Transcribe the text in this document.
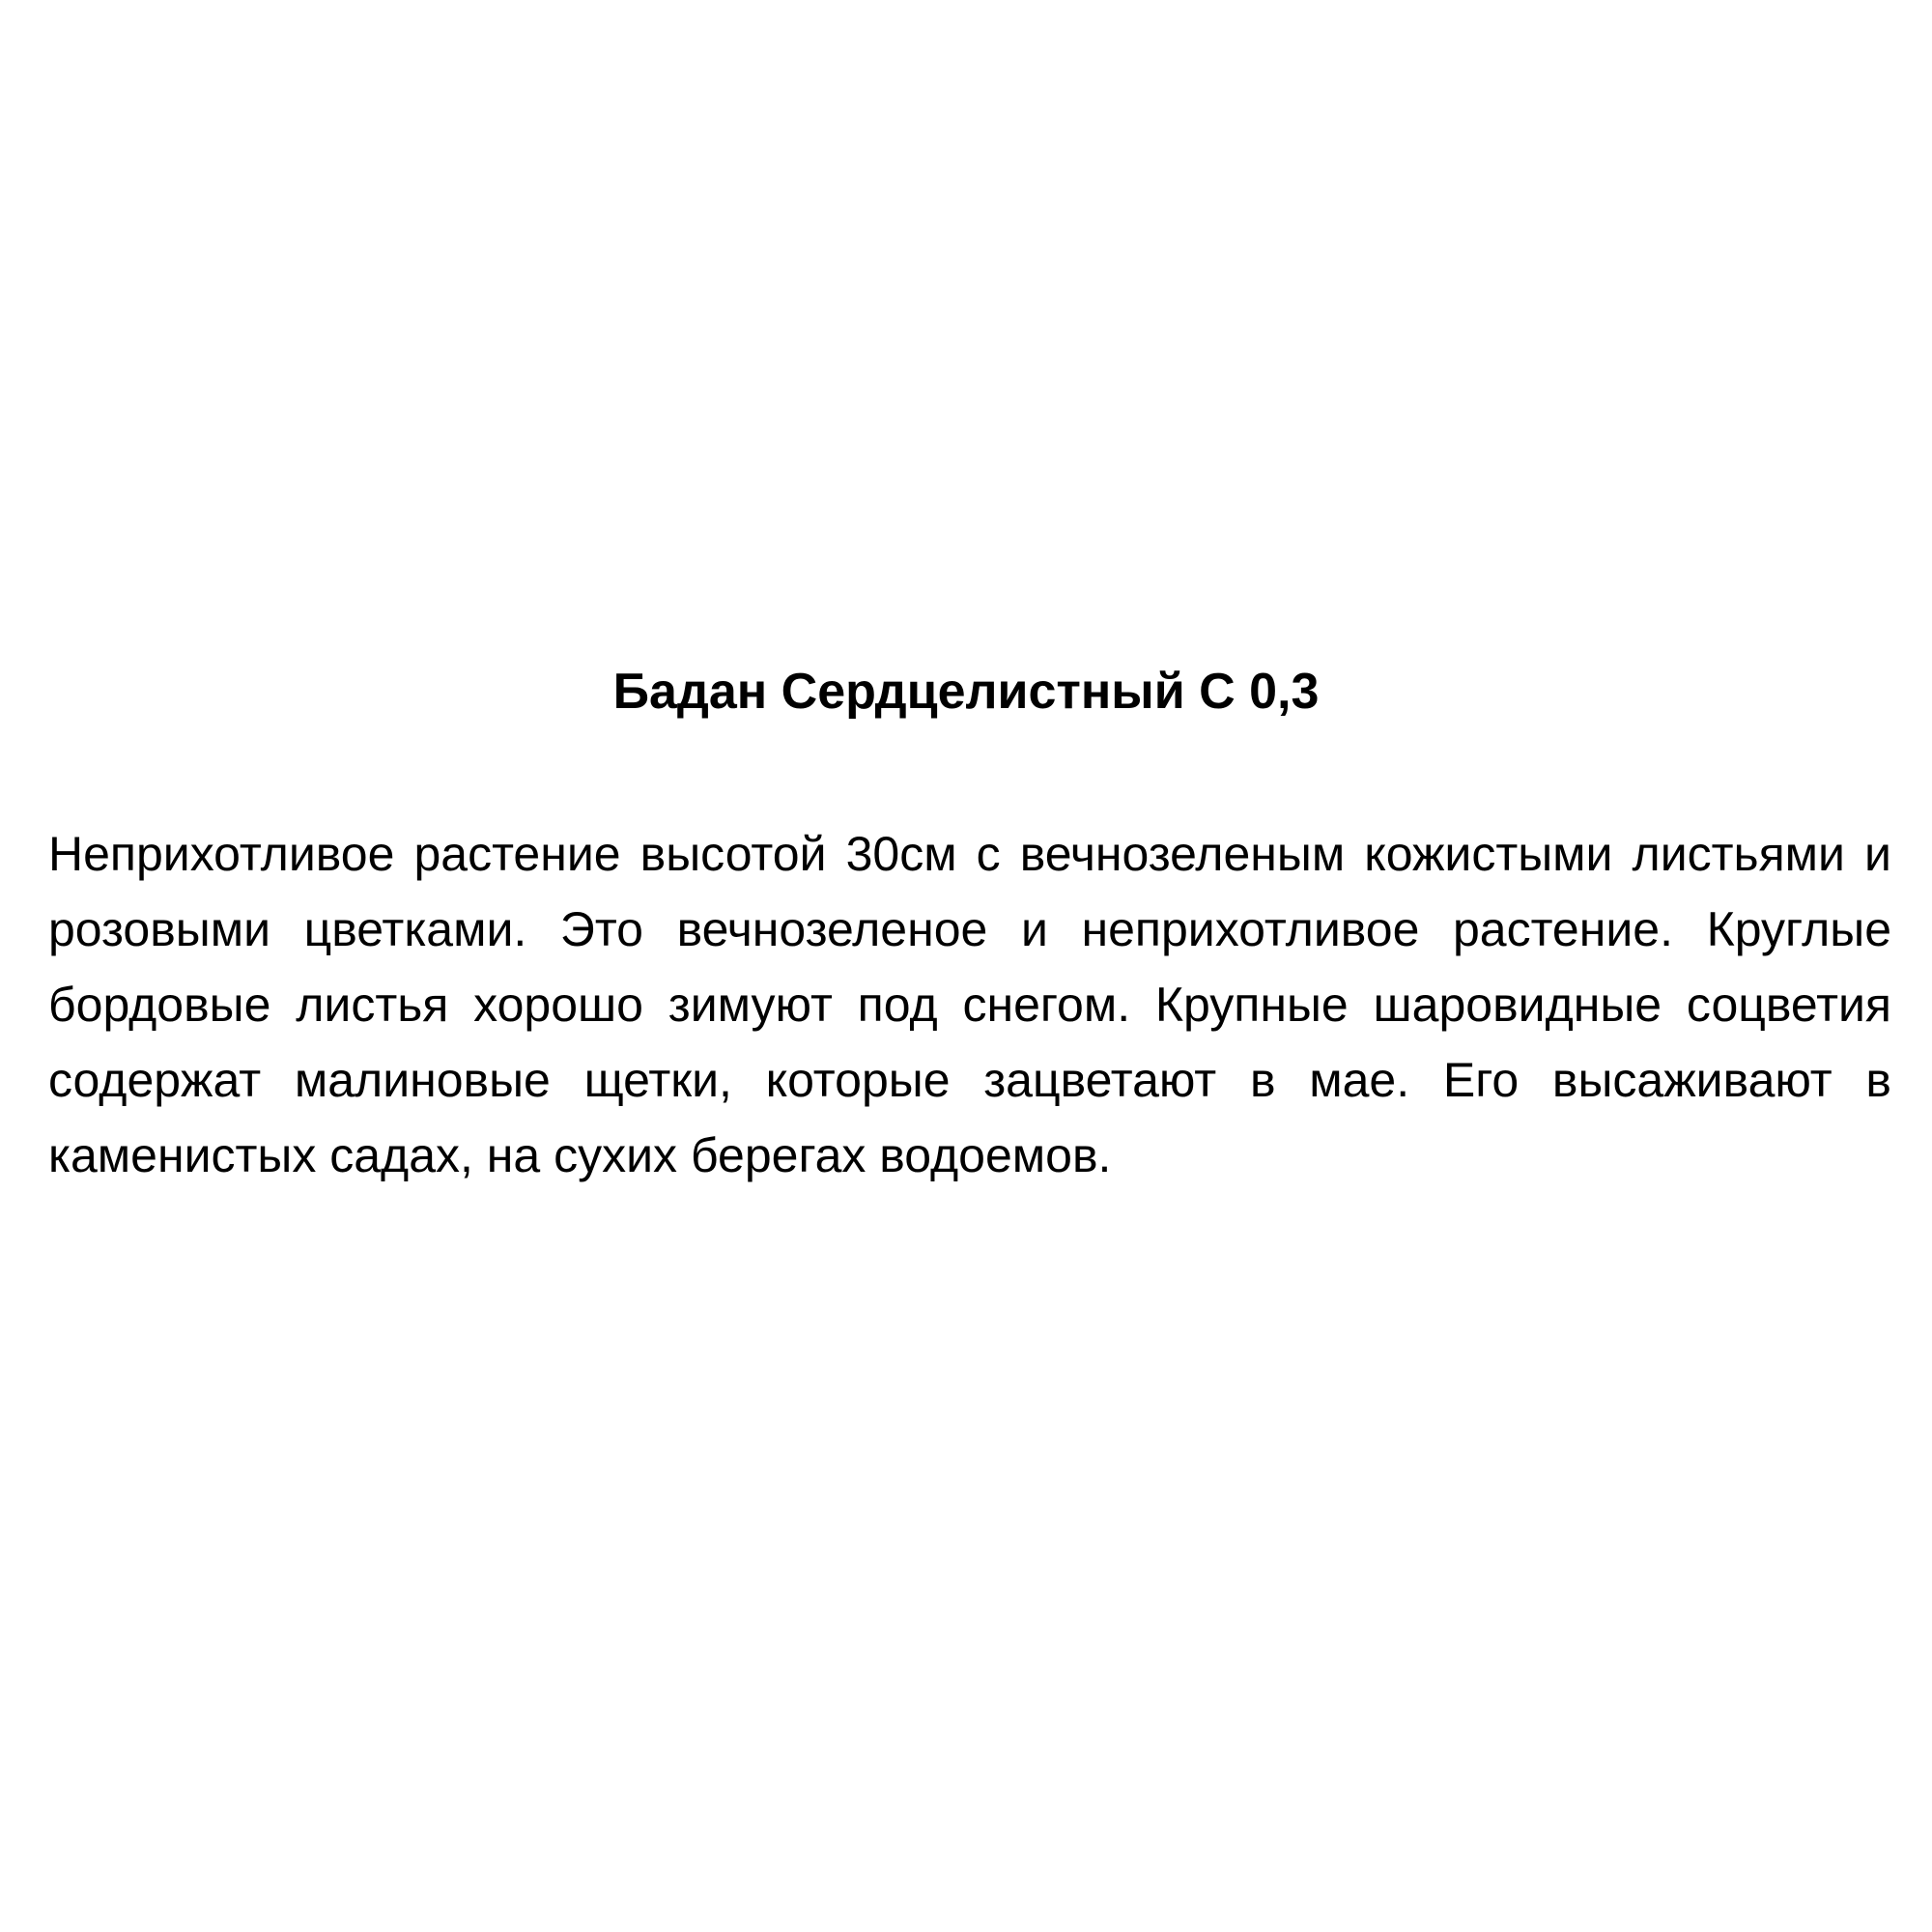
Бадан Сердцелистный С 0,3

Неприхотливое растение высотой 30см с вечнозеленым кожистыми листьями и розовыми цветками. Это вечнозеленое и неприхотливое растение. Круглые бордовые листья хорошо зимуют под снегом. Крупные шаровидные соцветия содержат малиновые щетки, которые зацветают в мае. Его высаживают в каменистых садах, на сухих берегах водоемов.
